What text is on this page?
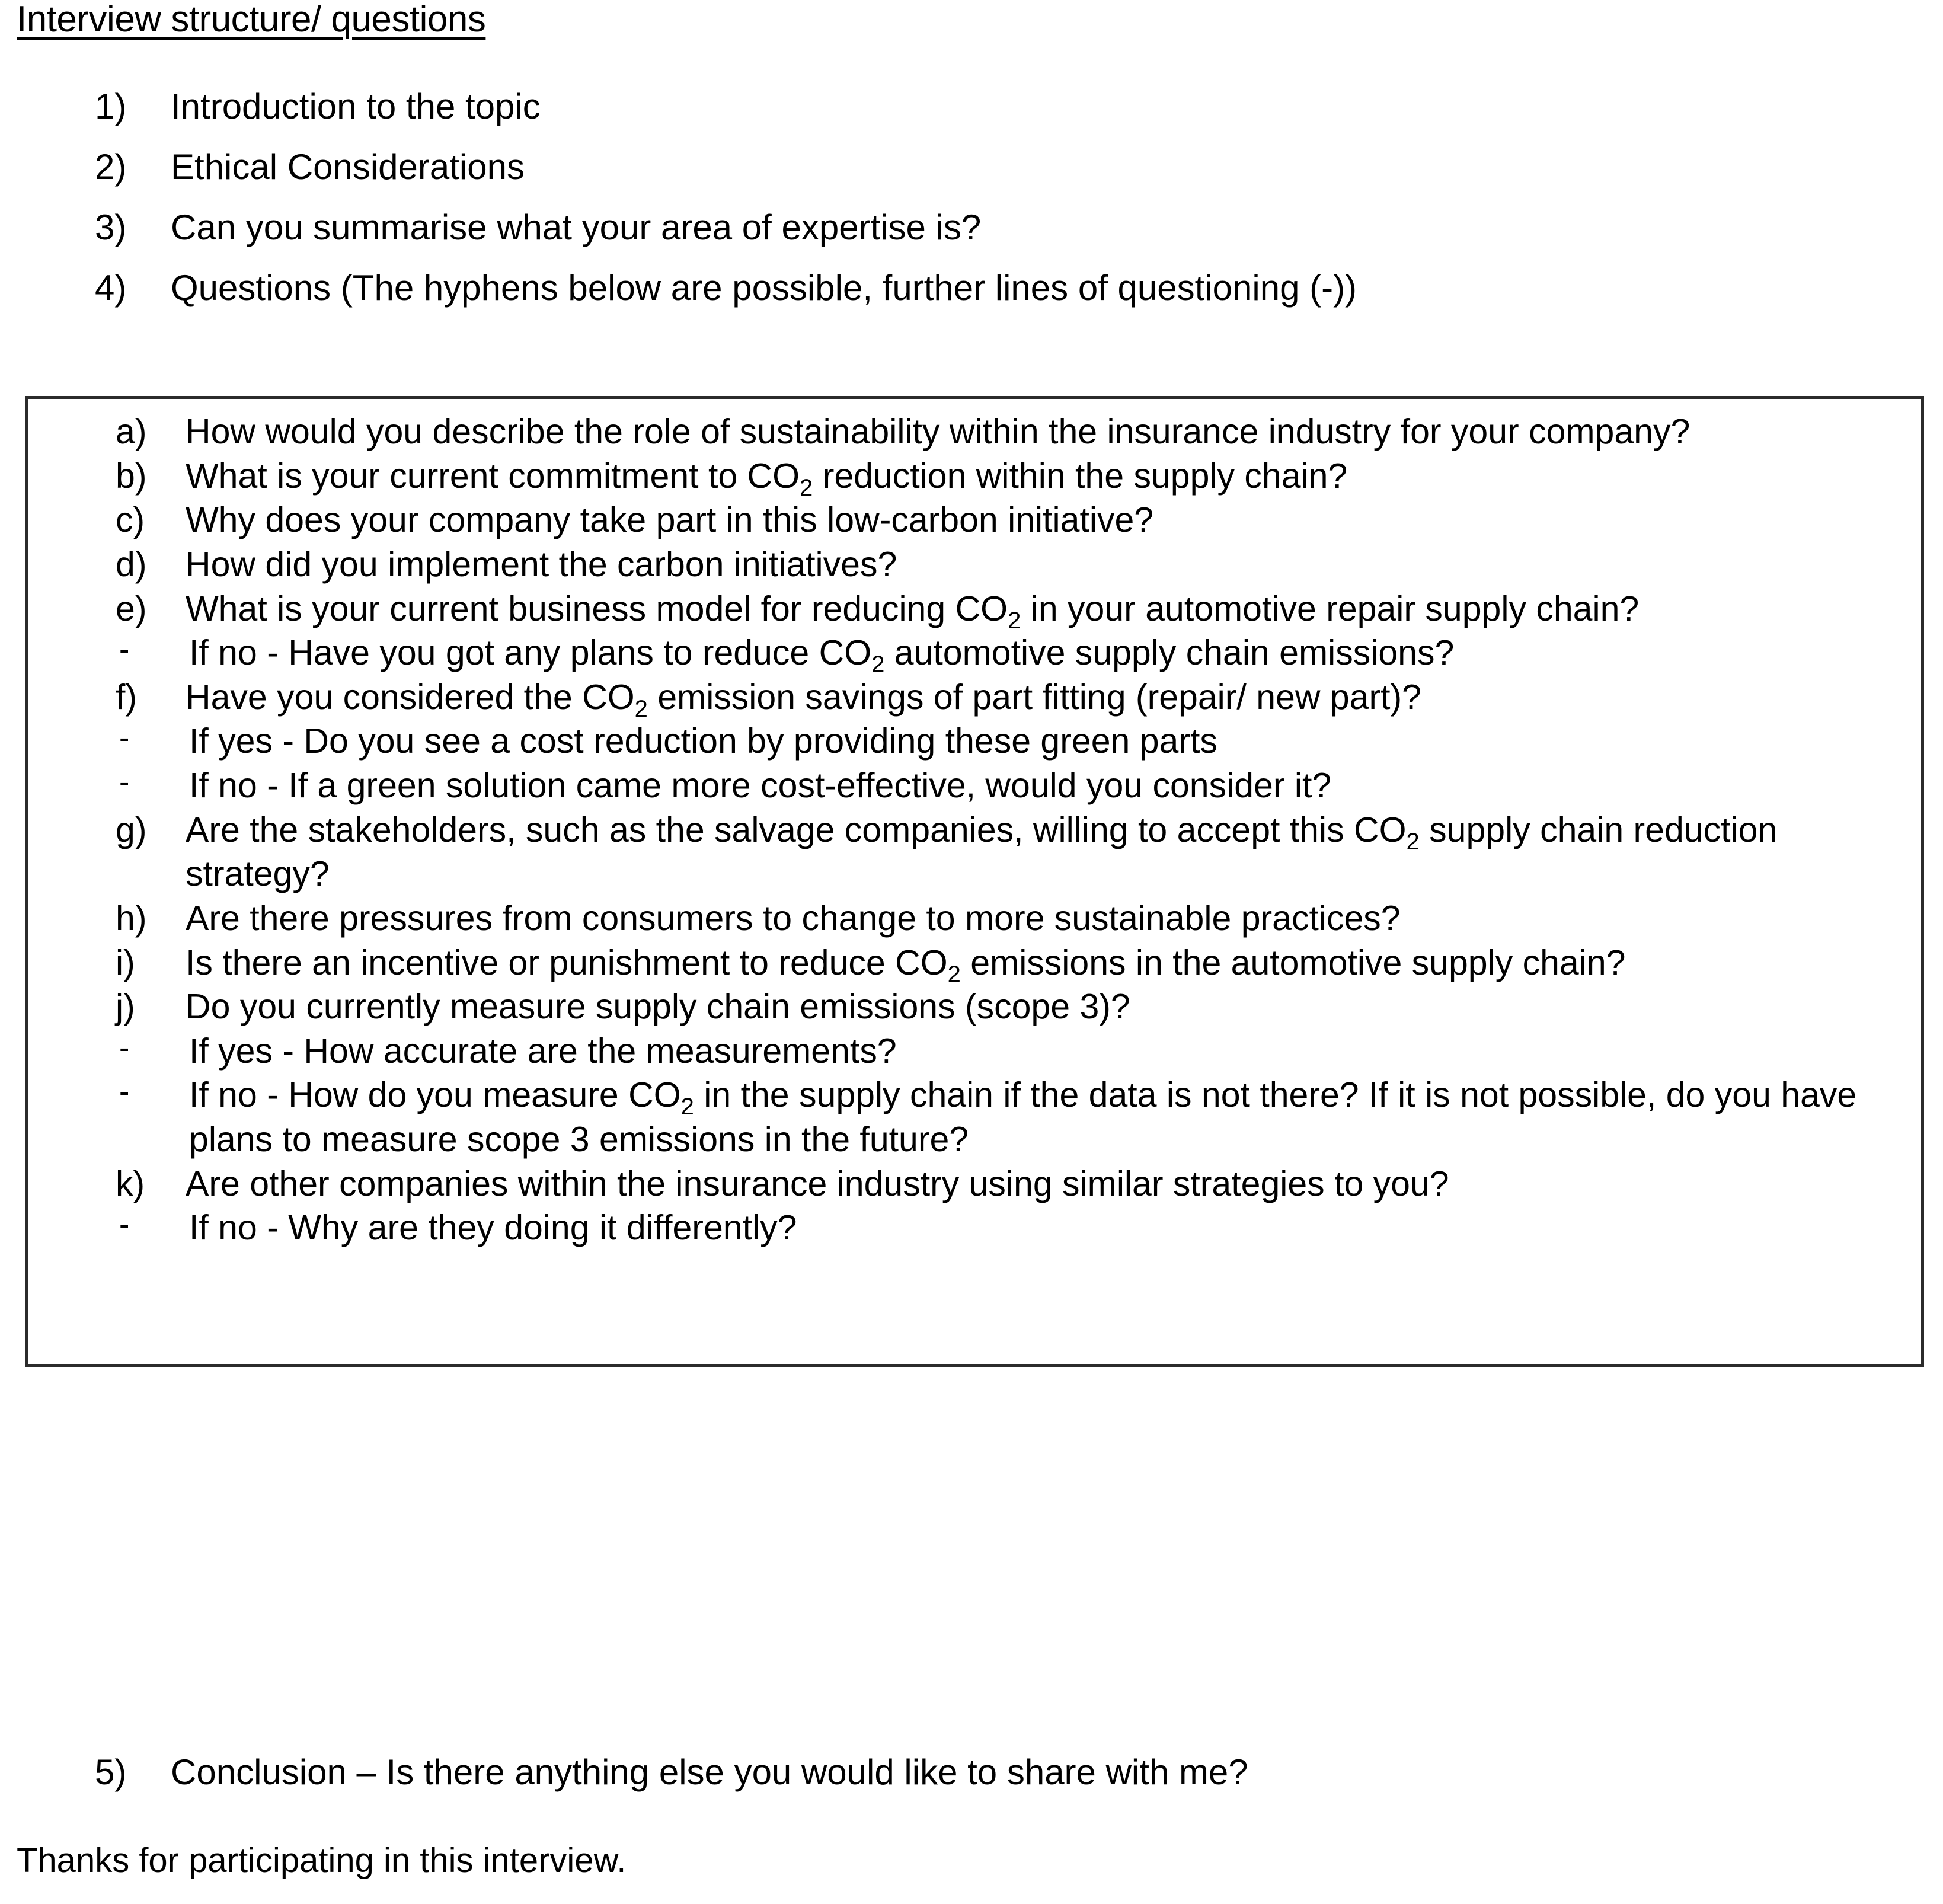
Interview structure/ questions
1)	Introduction to the topic
2)	Ethical Considerations
3)	Can you summarise what your area of expertise is?
4)	Questions (The hyphens below are possible, further lines of questioning (-))
a)	How would you describe the role of sustainability within the insurance industry for your company?
b)	What is your current commitment to $CO_2$ reduction within the supply chain?
c)	Why does your company take part in this low-carbon initiative?
d)	How did you implement the carbon initiatives?
e)	What is your current business model for reducing $CO_2$ in your automotive repair supply chain?
-	If no - Have you got any plans to reduce $CO_2$ automotive supply chain emissions?
f)	Have you considered the $CO_2$ emission savings of part fitting (repair/ new part)?
-	If yes - Do you see a cost reduction by providing these green parts
-	If no - If a green solution came more cost-effective, would you consider it?
g)	Are the stakeholders, such as the salvage companies, willing to accept this $CO_2$ supply chain reduction strategy?
h)	Are there pressures from consumers to change to more sustainable practices?
i)	Is there an incentive or punishment to reduce $CO_2$ emissions in the automotive supply chain?
j)	Do you currently measure supply chain emissions (scope 3)?
-	If yes - How accurate are the measurements?
-	If no - How do you measure $CO_2$ in the supply chain if the data is not there? If it is not possible, do you have plans to measure scope 3 emissions in the future?
k)	Are other companies within the insurance industry using similar strategies to you?
-	If no - Why are they doing it differently?
5)	Conclusion – Is there anything else you would like to share with me?
Thanks for participating in this interview.
